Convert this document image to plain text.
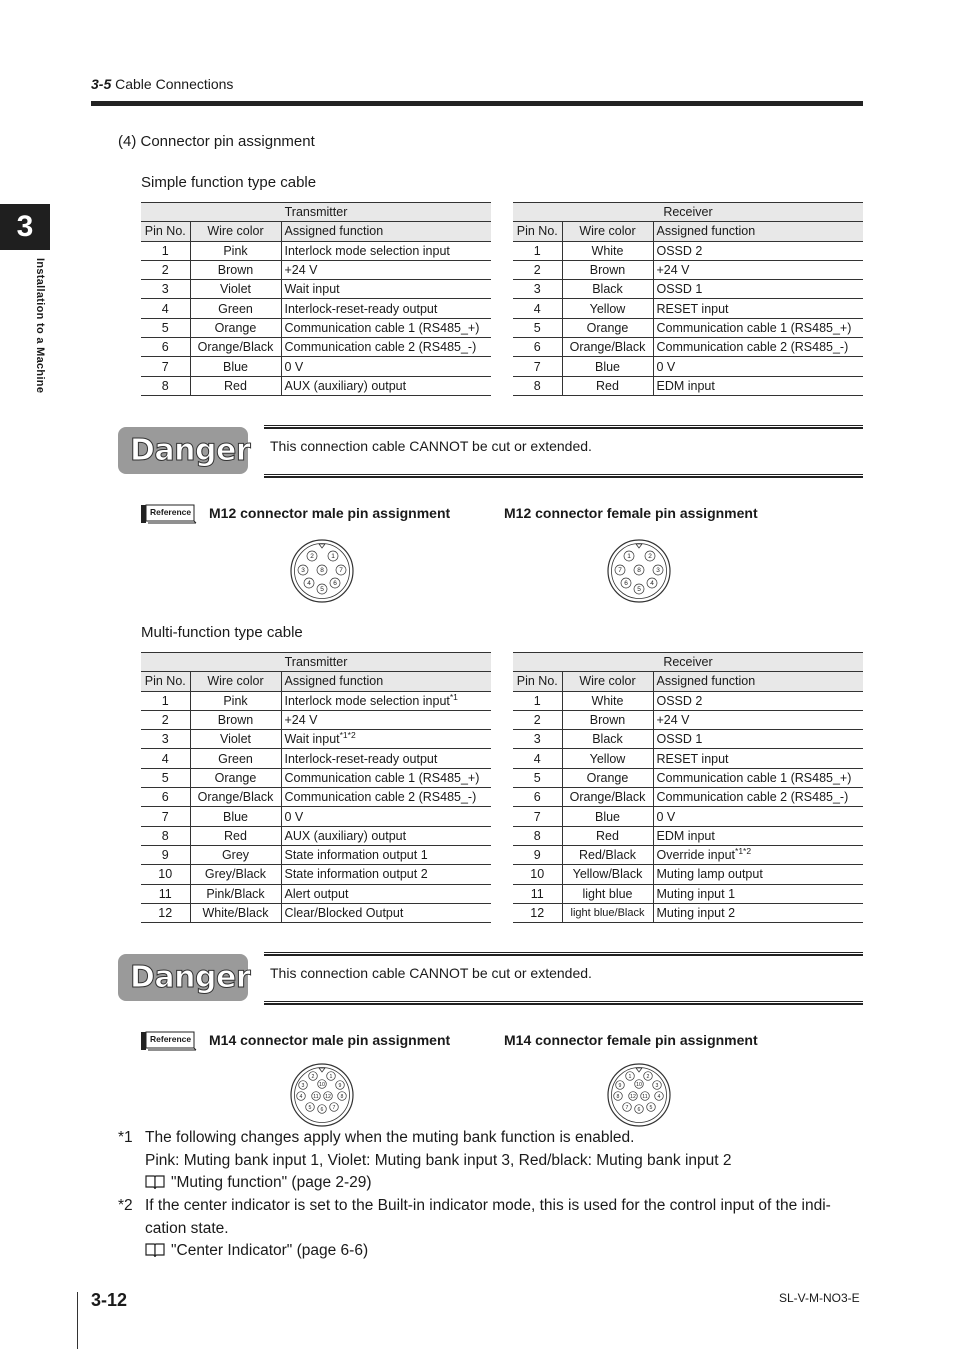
3-5 Cable Connections
3
Installation to a Machine
(4) Connector pin assignment
Simple function type cable
Transmitter		
Pin No.	Wire color	Assigned function
1	Pink	Interlock mode selection input
2	Brown	+24 V
3	Violet	Wait input
4	Green	Interlock-reset-ready output
5	Orange	Communication cable 1 (RS485_+)
6	Orange/Black	Communication cable 2 (RS485_-)
7	Blue	0 V
8	Red	AUX (auxiliary) output
Receiver		
Pin No.	Wire color	Assigned function
1	White	OSSD 2
2	Brown	+24 V
3	Black	OSSD 1
4	Yellow	RESET input
5	Orange	Communication cable 1 (RS485_+)
6	Orange/Black	Communication cable 2 (RS485_-)
7	Blue	0 V
8	Red	EDM input
Danger This connection cable CANNOT be cut or extended.
Reference M12 connector male pin assignment	M12 connector female pin assignment
2	1
3 8 7
4	6
5
1	2
7 8 3
6	4
5
Multi-function type cable
Transmitter		
Pin No.	Wire color	Assigned function
1	Pink	Interlock mode selection input$^{*1}$
2	Brown	+24 V
3	Violet	Wait input$^{*1*2}$
4	Green	Interlock-reset-ready output
5	Orange	Communication cable 1 (RS485_+)
6	Orange/Black	Communication cable 2 (RS485_-)
7	Blue	0 V
8	Red	AUX (auxiliary) output
9	Grey	State information output 1
10	Grey/Black	State information output 2
11	Pink/Black	Alert output
12	White/Black	Clear/Blocked Output
Receiver		
Pin No.	Wire color	Assigned function
1	White	OSSD 2
2	Brown	+24 V
3	Black	OSSD 1
4	Yellow	RESET input
5	Orange	Communication cable 1 (RS485_+)
6	Orange/Black	Communication cable 2 (RS485_-)
7	Blue	0 V
8	Red	EDM input
9	Red/Black	Override input$^{*1*2}$
10	Yellow/Black	Muting lamp output
11	light blue	Muting input 1
12	light blue/Black	Muting input 2
Danger This connection cable CANNOT be cut or extended.
Reference M14 connector male pin assignment	M14 connector female pin assignment
2	1
3	10	9
4 11 12 8
5 6 7
1	2
9	10	3
8 12 11 4
7 6 5
*1 The following changes apply when the muting bank function is enabled.
Pink: Muting bank input 1, Violet: Muting bank input 3, Red/black: Muting bank input 2
"Muting function" (page 2-29)
*2 If the center indicator is set to the Built-in indicator mode, this is used for the control input of the indi-
cation state.
"Center Indicator" (page 6-6)
3-12	SL-V-M-NO3-E
